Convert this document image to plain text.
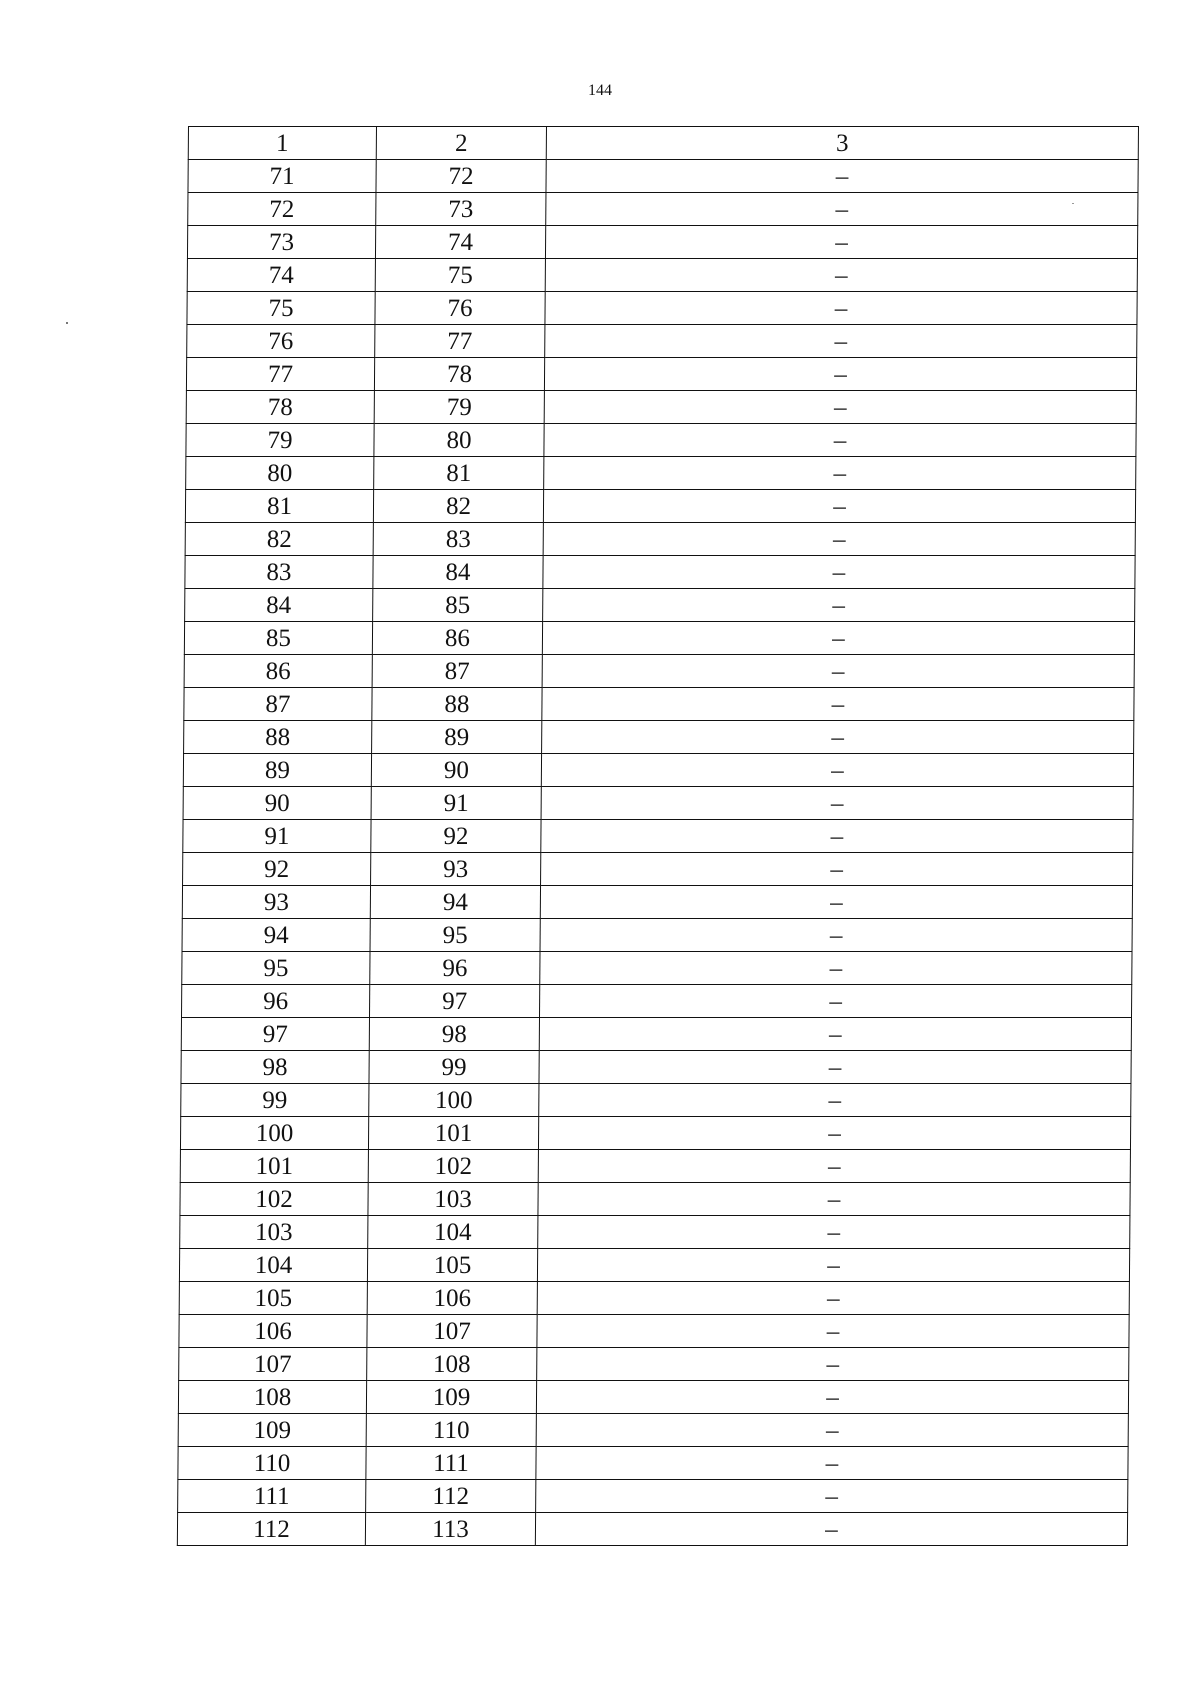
144
1	2	3
71	72	–
72	73	–
73	74	–
74	75	–
75	76	–
76	77	–
77	78	–
78	79	–
79	80	–
80	81	–
81	82	–
82	83	–
83	84	–
84	85	–
85	86	–
86	87	–
87	88	–
88	89	–
89	90	–
90	91	–
91	92	–
92	93	–
93	94	–
94	95	–
95	96	–
96	97	–
97	98	–
98	99	–
99	100	–
100	101	–
101	102	–
102	103	–
103	104	–
104	105	–
105	106	–
106	107	–
107	108	–
108	109	–
109	110	–
110	111	–
111	112	–
112	113	–
